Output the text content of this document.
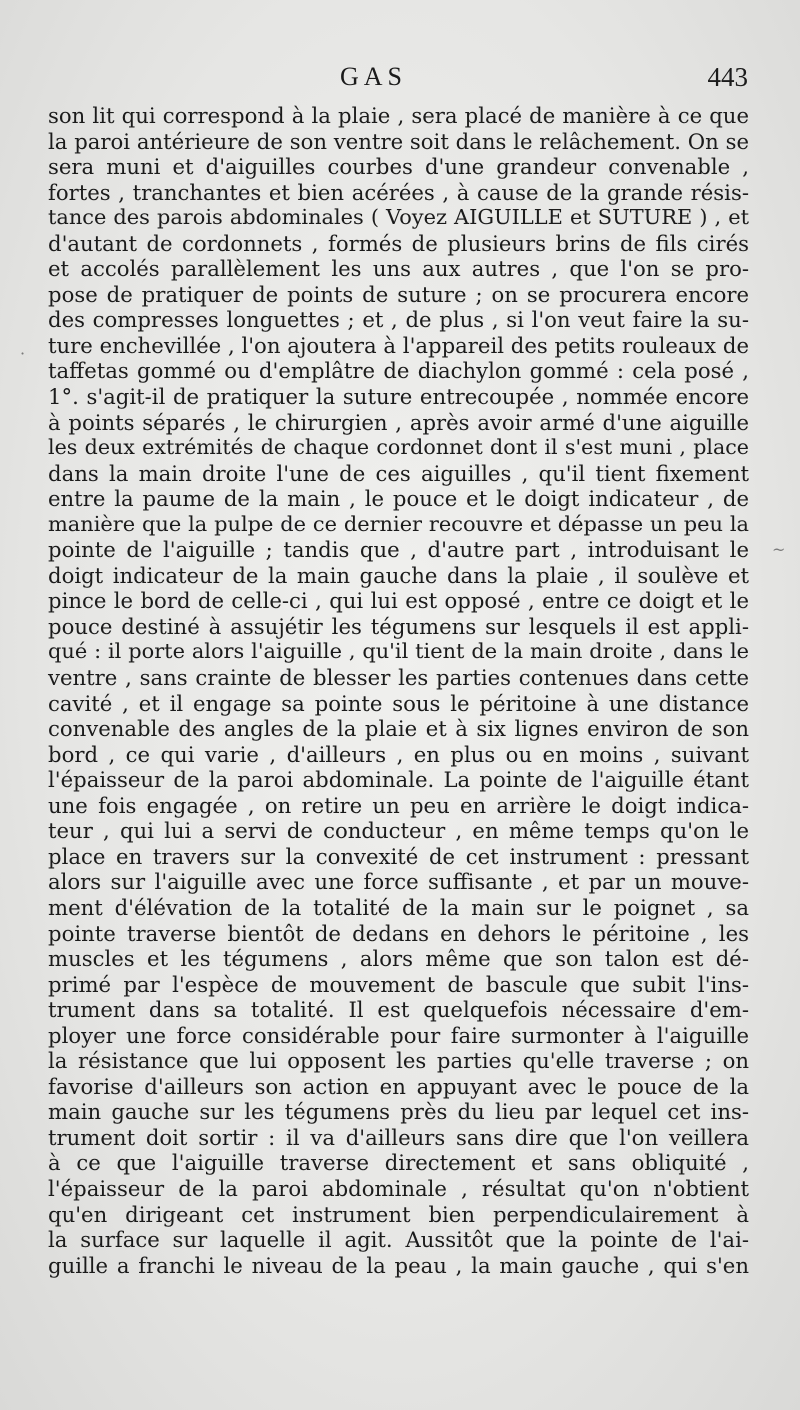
GAS	443
son lit qui correspond à la plaie , sera placé de manière à ce que
la paroi antérieure de son ventre soit dans le relâchement. On se
sera muni et d'aiguilles courbes d'une grandeur convenable ,
fortes , tranchantes et bien acérées , à cause de la grande résis-
tance des parois abdominales ( Voyez AIGUILLE et SUTURE ) , et
d'autant de cordonnets , formés de plusieurs brins de fils cirés
et accolés parallèlement les uns aux autres , que l'on se pro-
pose de pratiquer de points de suture ; on se procurera encore
des compresses longuettes ; et , de plus , si l'on veut faire la su-
ture enchevillée , l'on ajoutera à l'appareil des petits rouleaux de
taffetas gommé ou d'emplâtre de diachylon gommé : cela posé ,
1°. s'agit-il de pratiquer la suture entrecoupée , nommée encore
à points séparés , le chirurgien , après avoir armé d'une aiguille
les deux extrémités de chaque cordonnet dont il s'est muni , place
dans la main droite l'une de ces aiguilles , qu'il tient fixement
entre la paume de la main , le pouce et le doigt indicateur , de
manière que la pulpe de ce dernier recouvre et dépasse un peu la
pointe de l'aiguille ; tandis que , d'autre part , introduisant le
doigt indicateur de la main gauche dans la plaie , il soulève et
pince le bord de celle-ci , qui lui est opposé , entre ce doigt et le
pouce destiné à assujétir les tégumens sur lesquels il est appli-
qué : il porte alors l'aiguille , qu'il tient de la main droite , dans le
ventre , sans crainte de blesser les parties contenues dans cette
cavité , et il engage sa pointe sous le péritoine à une distance
convenable des angles de la plaie et à six lignes environ de son
bord , ce qui varie , d'ailleurs , en plus ou en moins , suivant
l'épaisseur de la paroi abdominale. La pointe de l'aiguille étant
une fois engagée , on retire un peu en arrière le doigt indica-
teur , qui lui a servi de conducteur , en même temps qu'on le
place en travers sur la convexité de cet instrument : pressant
alors sur l'aiguille avec une force suffisante , et par un mouve-
ment d'élévation de la totalité de la main sur le poignet , sa
pointe traverse bientôt de dedans en dehors le péritoine , les
muscles et les tégumens , alors même que son talon est dé-
primé par l'espèce de mouvement de bascule que subit l'ins-
trument dans sa totalité. Il est quelquefois nécessaire d'em-
ployer une force considérable pour faire surmonter à l'aiguille
la résistance que lui opposent les parties qu'elle traverse ; on
favorise d'ailleurs son action en appuyant avec le pouce de la
main gauche sur les tégumens près du lieu par lequel cet ins-
trument doit sortir : il va d'ailleurs sans dire que l'on veillera
à ce que l'aiguille traverse directement et sans obliquité ,
l'épaisseur de la paroi abdominale , résultat qu'on n'obtient
qu'en dirigeant cet instrument bien perpendiculairement à
la surface sur laquelle il agit. Aussitôt que la pointe de l'ai-
guille a franchi le niveau de la peau , la main gauche , qui s'en
·
~
